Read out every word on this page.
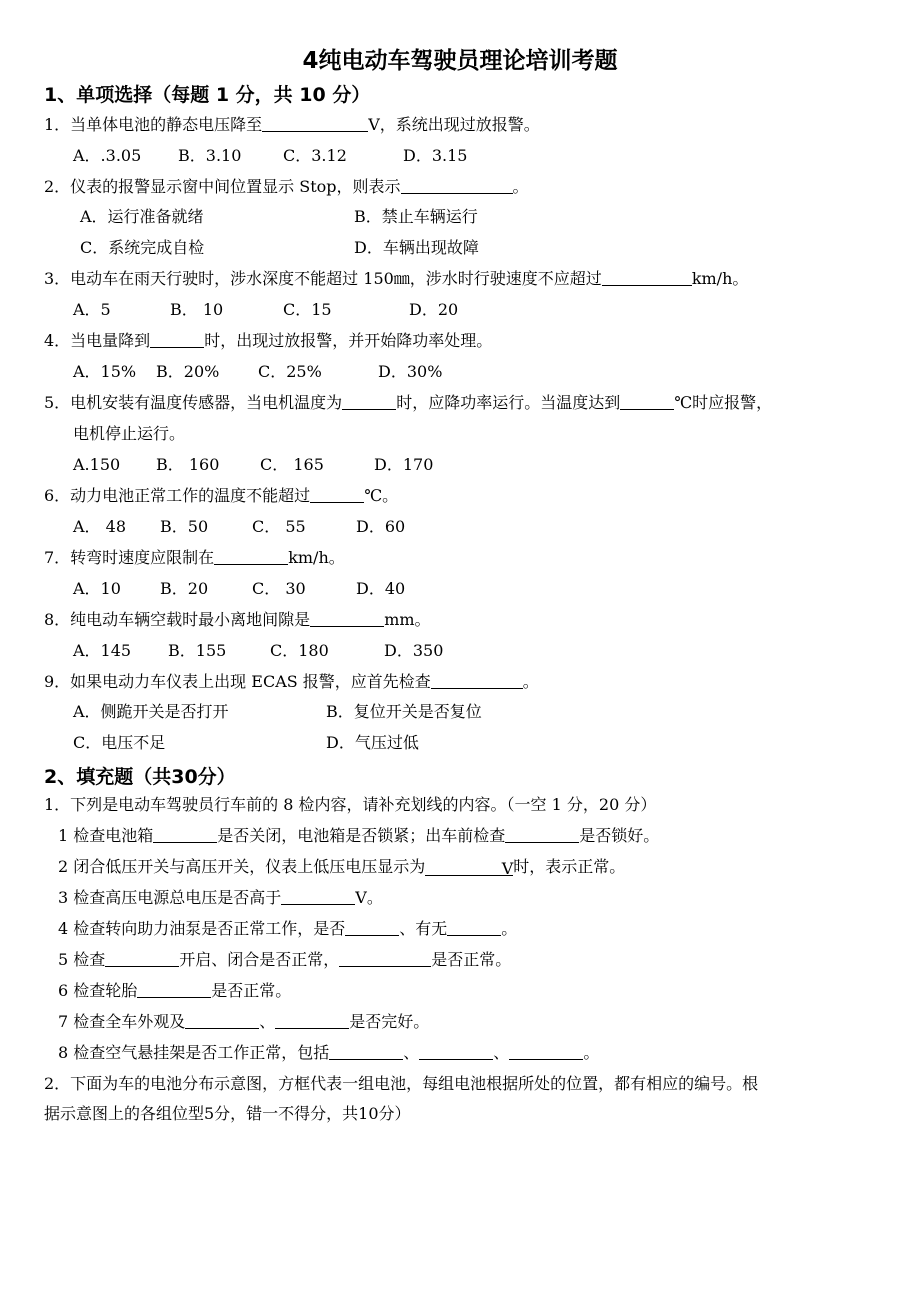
4纯电动车驾驶员理论培训考题
1、单项选择（每题 1 分，共 10 分）
1．当单体电池的静态电压降至	V，系统出现过放报警。
A．.3.05 B．3.10	C．3.12	D．3.15
2．仪表的报警显示窗中间位置显示 Stop，则表示	。
A．运行准备就绪	B．禁止车辆运行
C．系统完成自检	D．车辆出现故障
3．电动车在雨天行驶时，涉水深度不能超过 150㎜，涉水时行驶速度不应超过	km/h。
A．5	B． 10	C．15	D．20
4．当电量降到	时，出现过放报警，并开始降功率处理。
A．15% B．20% C．25%	D．30%
5．电机安装有温度传感器，当电机温度为	时，应降功率运行。当温度达到	℃时应报警，
电机停止运行。
A.150 B． 160	C． 165	D．170
6．动力电池正常工作的温度不能超过	℃。
A． 48 B．50	C． 55	D．60
7．转弯时速度应限制在	km/h。
A．10 B．20	C． 30	D．40
8．纯电动车辆空载时最小离地间隙是	mm。
A．145 B．155	C．180	D．350
9．如果电动力车仪表上出现 ECAS 报警，应首先检查	。
A．侧跪开关是否打开	B．复位开关是否复位
C．电压不足	D．气压过低
2、填充题（共30分）
1．下列是电动车驾驶员行车前的 8 检内容，请补充划线的内容。（一空 1 分，20 分）
1 检查电池箱	是否关闭，电池箱是否锁紧；出车前检查	是否锁好。
2 闭合低压开关与高压开关，仪表上低压电压显示为	V时，表示正常。
3 检查高压电源总电压是否高于	V。
4 检查转向助力油泵是否正常工作，是否	、有无	。
5 检查	开启、闭合是否正常，	是否正常。
6 检查轮胎	是否正常。
7 检查全车外观及	、	是否完好。
8 检查空气悬挂架是否工作正常，包括	、	、	。
2．下面为车的电池分布示意图，方框代表一组电池，每组电池根据所处的位置，都有相应的编号。根
据示意图上的各组位型5分，错一不得分，共10分）
